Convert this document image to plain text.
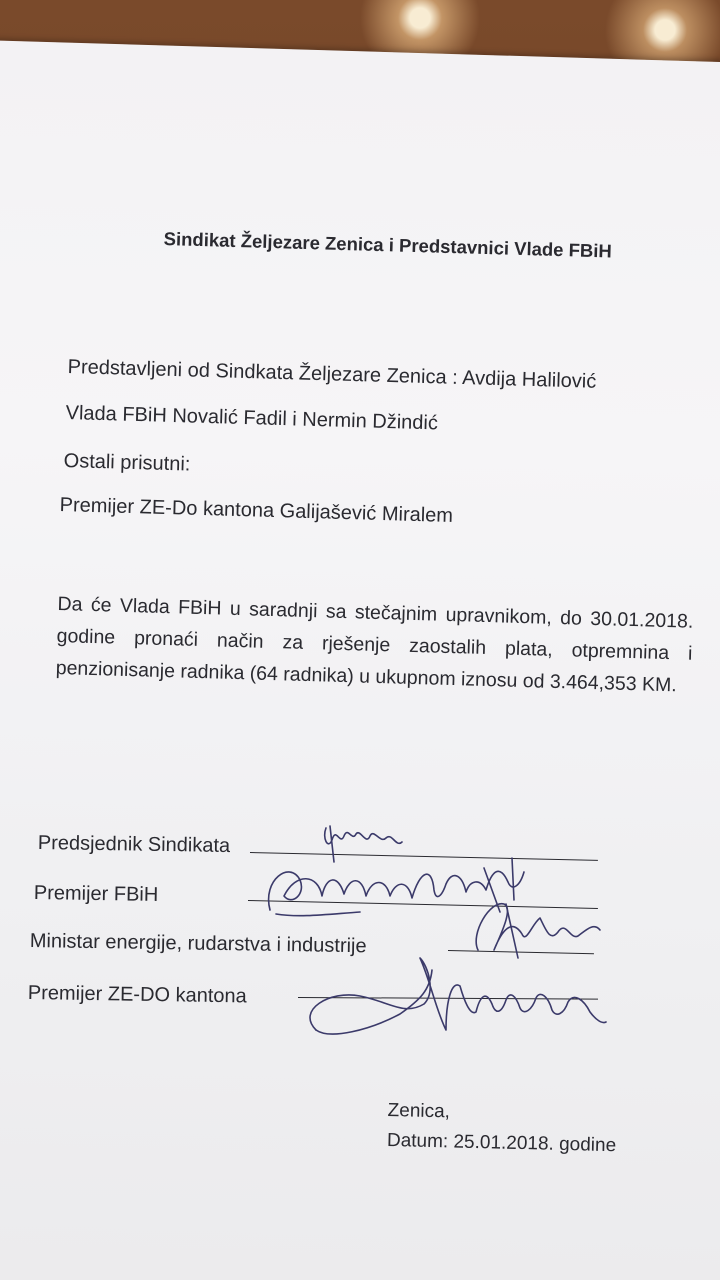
Sindikat Željezare Zenica i Predstavnici Vlade FBiH
Predstavljeni od Sindkata Željezare Zenica : Avdija Halilović
Vlada FBiH Novalić Fadil i Nermin Džindić
Ostali prisutni:
Premijer ZE-Do kantona Galijašević Miralem
Da će Vlada FBiH u saradnji sa stečajnim upravnikom, do 30.01.2018. godine pronaći način za rješenje zaostalih plata, otpremnina i penzionisanje radnika (64 radnika) u ukupnom iznosu od 3.464,353 KM.
Predsjednik Sindikata
Premijer FBiH
Ministar energije, rudarstva i industrije
Premijer ZE-DO kantona
Zenica,
Datum: 25.01.2018. godine
